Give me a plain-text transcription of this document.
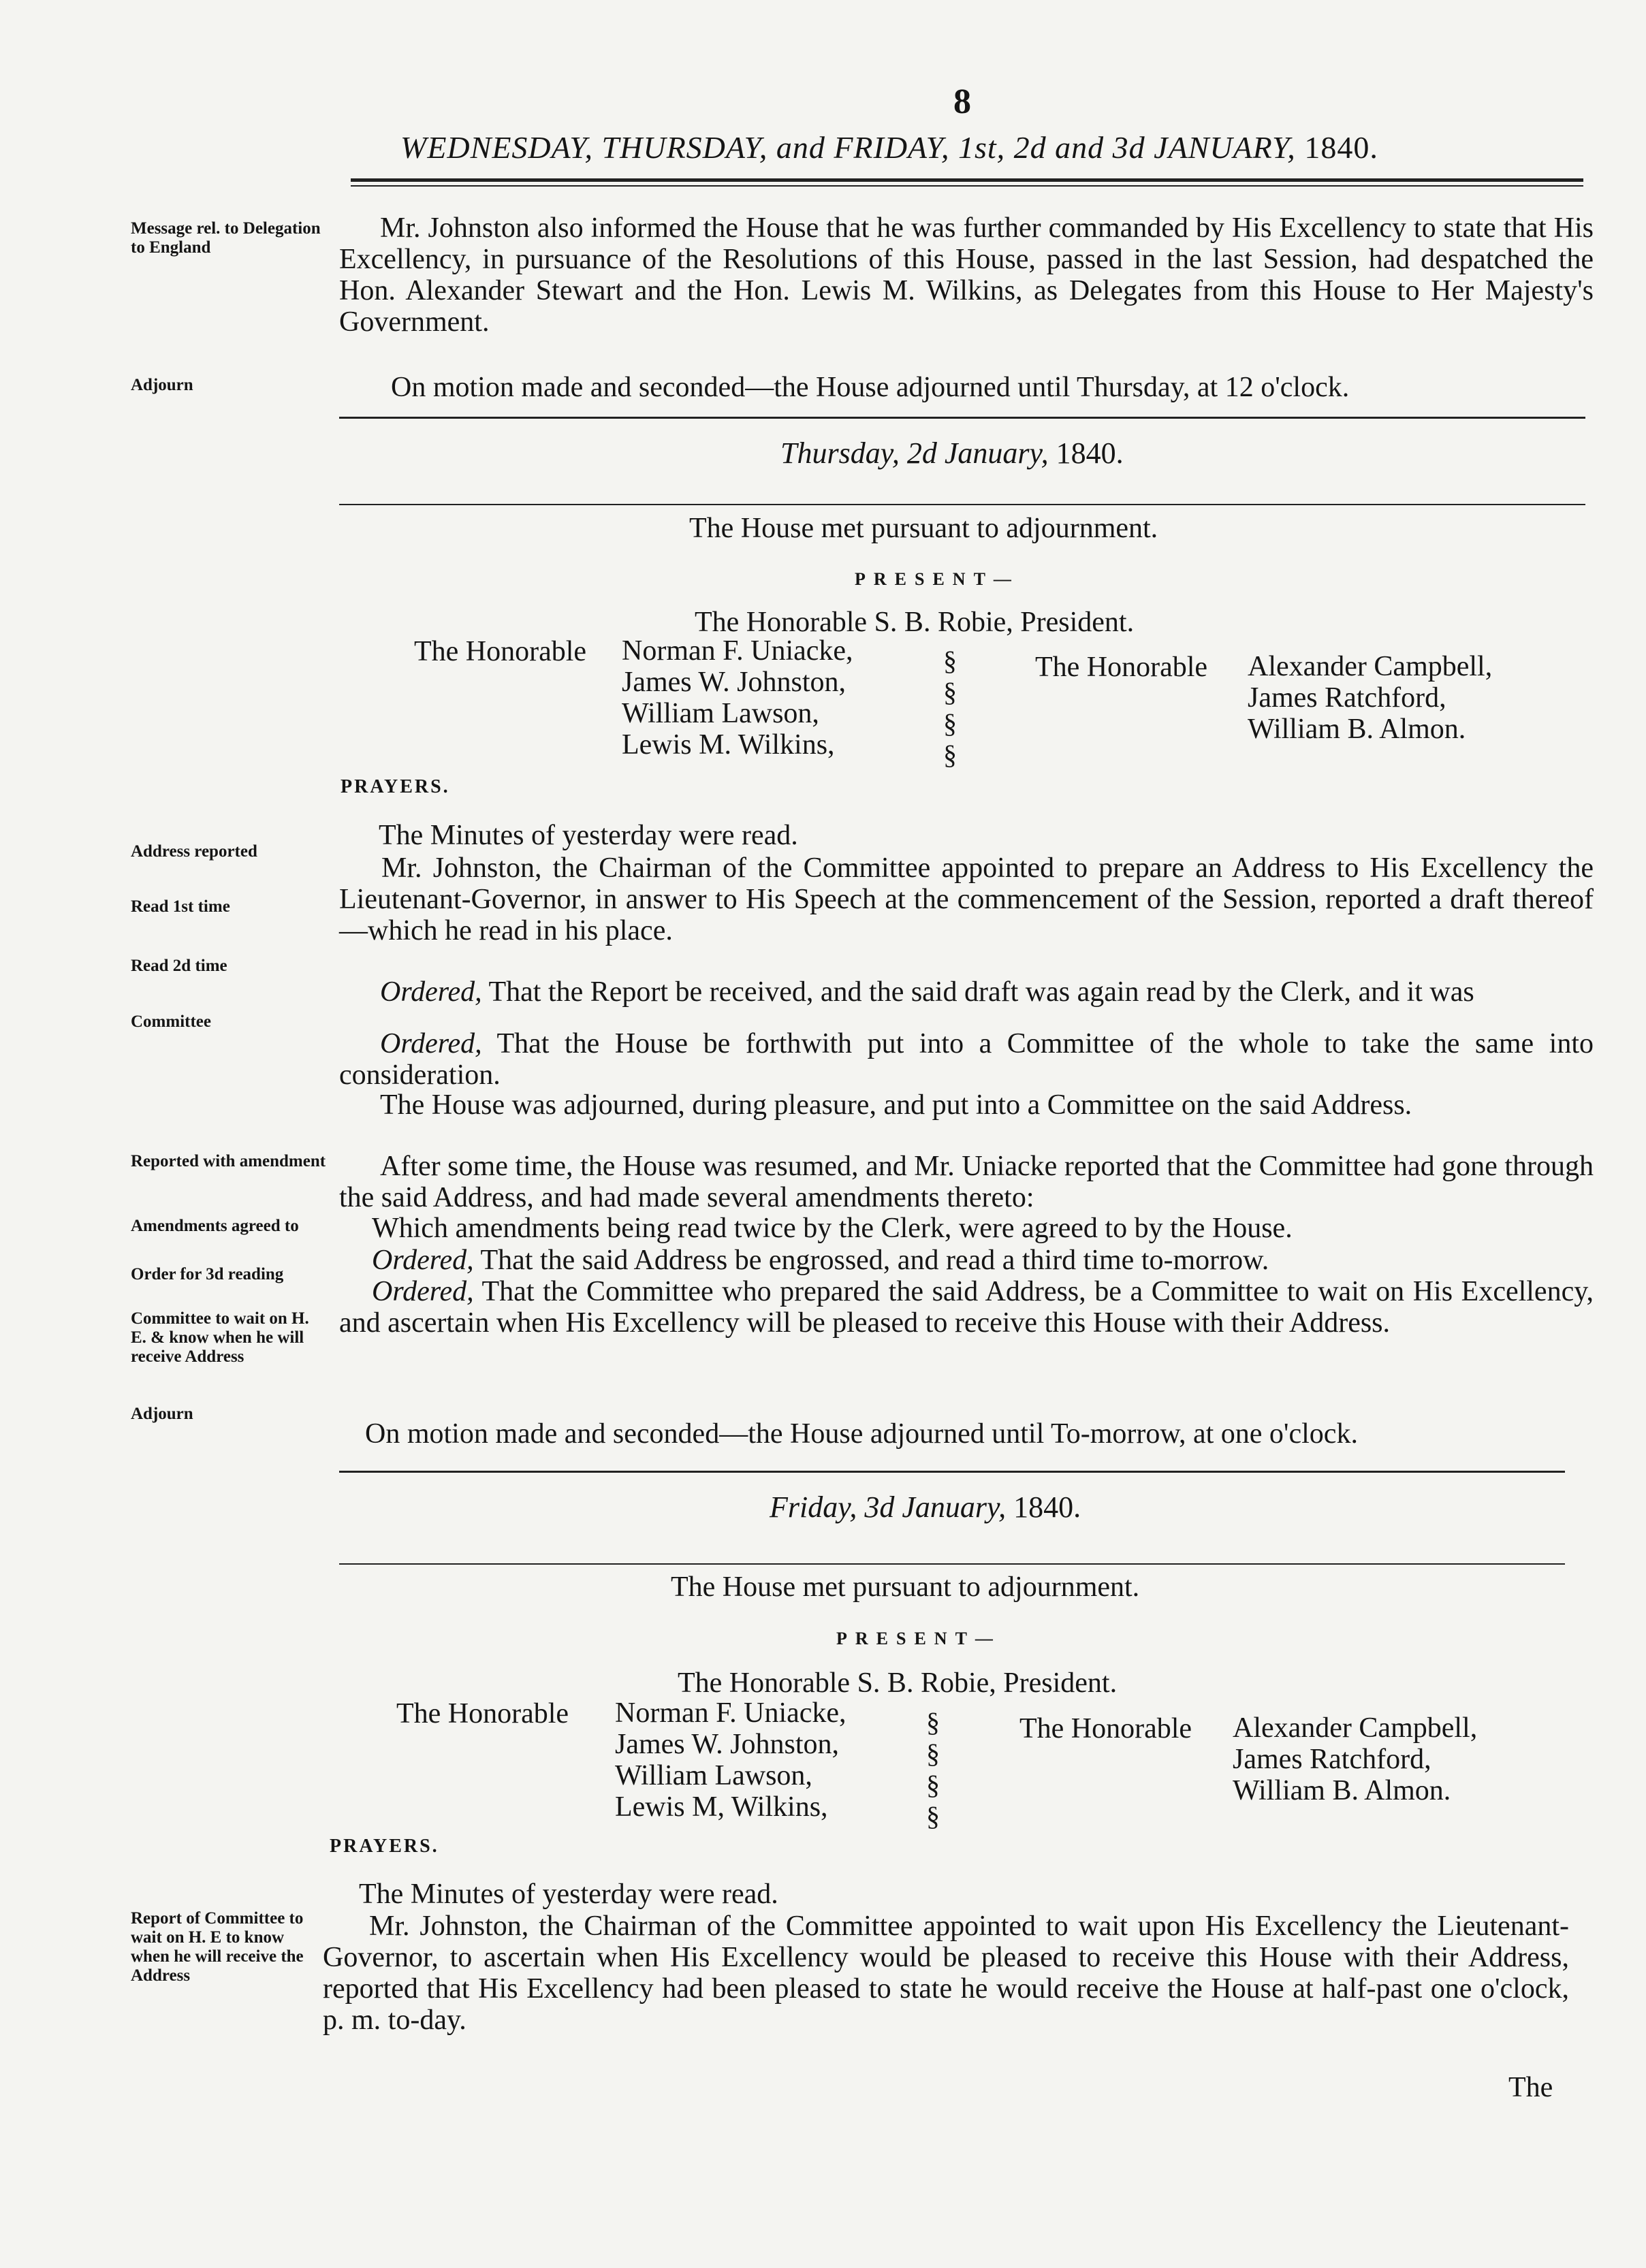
8
WEDNESDAY, THURSDAY, and FRIDAY, 1st, 2d and 3d JANUARY, 1840.
Message rel. to Delegation to England
Mr. Johnston also informed the House that he was further commanded by His Excellency to state that His Excellency, in pursuance of the Resolutions of this House, passed in the last Session, had despatched the Hon. Alexander Stewart and the Hon. Lewis M. Wilkins, as Delegates from this House to Her Majesty's Government.
Adjourn	On motion made and seconded—the House adjourned until Thursday, at 12 o'clock.
Thursday, 2d January, 1840.
The House met pursuant to adjournment.
PRESENT—
The Honorable S. B. Robie, President.
The Honorable Norman F. Uniacke,
James W. Johnston,
William Lawson,
Lewis M. Wilkins,
§
§
§
§
The Honorable Alexander Campbell,
James Ratchford,
William B. Almon.
PRAYERS.
Address reported
Read 1st time
Read 2d time
Committee
Reported with amendment
Amendments agreed to
Order for 3d reading
Committee to wait on H. E. & know when he will receive Address
Adjourn
The Minutes of yesterday were read.
Mr. Johnston, the Chairman of the Committee appointed to prepare an Address to His Excellency the Lieutenant-Governor, in answer to His Speech at the commencement of the Session, reported a draft thereof—which he read in his place.
Ordered, That the Report be received, and the said draft was again read by the Clerk, and it was
Ordered, That the House be forthwith put into a Committee of the whole to take the same into consideration.
The House was adjourned, during pleasure, and put into a Committee on the said Address.
After some time, the House was resumed, and Mr. Uniacke reported that the Committee had gone through the said Address, and had made several amendments thereto:
Which amendments being read twice by the Clerk, were agreed to by the House.
Ordered, That the said Address be engrossed, and read a third time to-morrow.
Ordered, That the Committee who prepared the said Address, be a Committee to wait on His Excellency, and ascertain when His Excellency will be pleased to receive this House with their Address.
On motion made and seconded—the House adjourned until To-morrow, at one o'clock.
Friday, 3d January, 1840.
The House met pursuant to adjournment.
PRESENT—
The Honorable S. B. Robie, President.
The Honorable Norman F. Uniacke,
James W. Johnston,
William Lawson,
Lewis M, Wilkins,
§
§
§
§
The Honorable Alexander Campbell,
James Ratchford,
William B. Almon.
PRAYERS.
Report of Committee to wait on H. E to know when he will receive the Address
The Minutes of yesterday were read.
Mr. Johnston, the Chairman of the Committee appointed to wait upon His Excellency the Lieutenant-Governor, to ascertain when His Excellency would be pleased to receive this House with their Address, reported that His Excellency had been pleased to state he would receive the House at half-past one o'clock, p. m. to-day.
The
